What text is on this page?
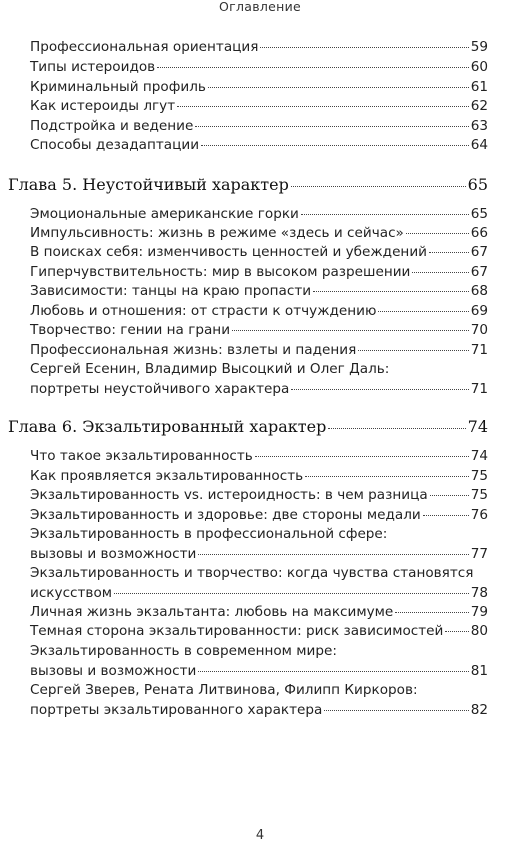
Оглавление
Профессиональная ориентация	59
Типы истероидов	60
Криминальный профиль	61
Как истероиды лгут	62
Подстройка и ведение	63
Способы дезадаптации	64
Глава 5. Неустойчивый характер	65
Эмоциональные американские горки	65
Импульсивность: жизнь в режиме «здесь и сейчас»	66
В поисках себя: изменчивость ценностей и убеждений	67
Гиперчувствительность: мир в высоком разрешении	67
Зависимости: танцы на краю пропасти	68
Любовь и отношения: от страсти к отчуждению	69
Творчество: гении на грани	70
Профессиональная жизнь: взлеты и падения	71
Сергей Есенин, Владимир Высоцкий и Олег Даль:
портреты неустойчивого характера	71
Глава 6. Экзальтированный характер	74
Что такое экзальтированность	74
Как проявляется экзальтированность	75
Экзальтированность vs. истероидность: в чем разница	75
Экзальтированность и здоровье: две стороны медали	76
Экзальтированность в профессиональной сфере:
вызовы и возможности	77
Экзальтированность и творчество: когда чувства становятся
искусством	78
Личная жизнь экзальтанта: любовь на максимуме	79
Темная сторона экзальтированности: риск зависимостей 80
Экзальтированность в современном мире:
вызовы и возможности	81
Сергей Зверев, Рената Литвинова, Филипп Киркоров:
портреты экзальтированного характера	82
4
